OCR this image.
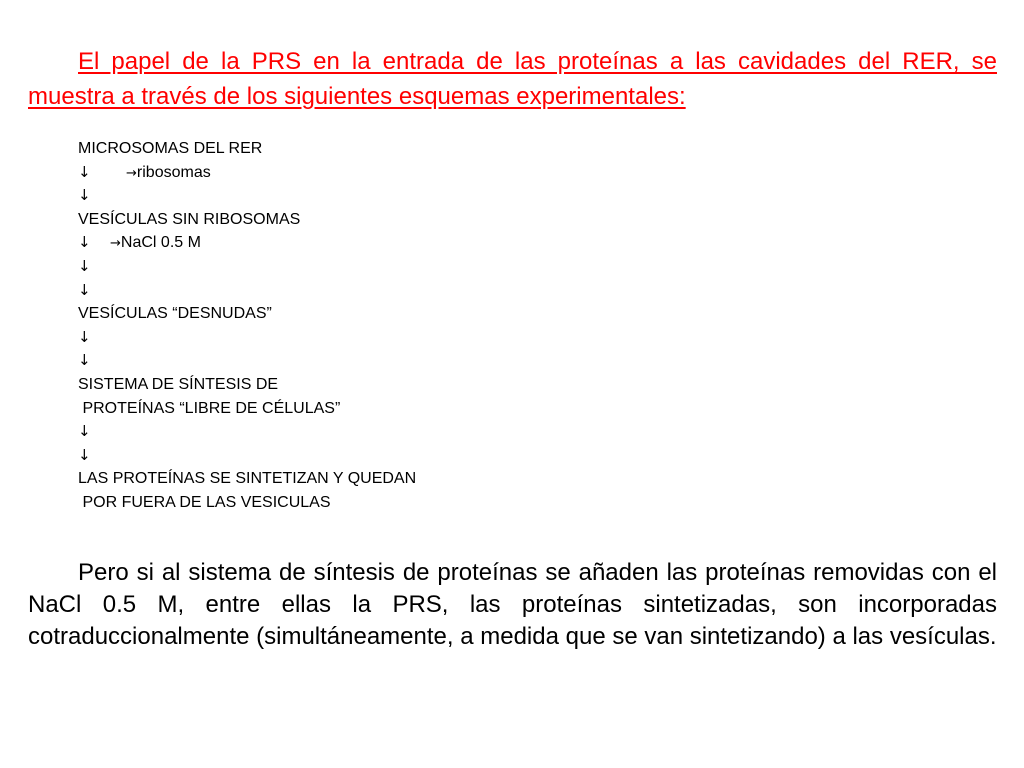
El papel de la PRS en la entrada de las proteínas a las cavidades del RER, se muestra a través de los siguientes esquemas experimentales:

MICROSOMAS DEL RER
↓	→ribosomas
↓
VESÍCULAS SIN RIBOSOMAS
↓ →NaCl 0.5 M
↓
↓
VESÍCULAS “DESNUDAS”
↓
↓
SISTEMA DE SÍNTESIS DE
PROTEÍNAS “LIBRE DE CÉLULAS”
↓
↓
LAS PROTEÍNAS SE SINTETIZAN Y QUEDAN
POR FUERA DE LAS VESICULAS

Pero si al sistema de síntesis de proteínas se añaden las proteínas removidas con el NaCl 0.5 M, entre ellas la PRS, las proteínas sintetizadas, son incorporadas cotraduccionalmente (simultáneamente, a medida que se van sintetizando) a las vesículas.
